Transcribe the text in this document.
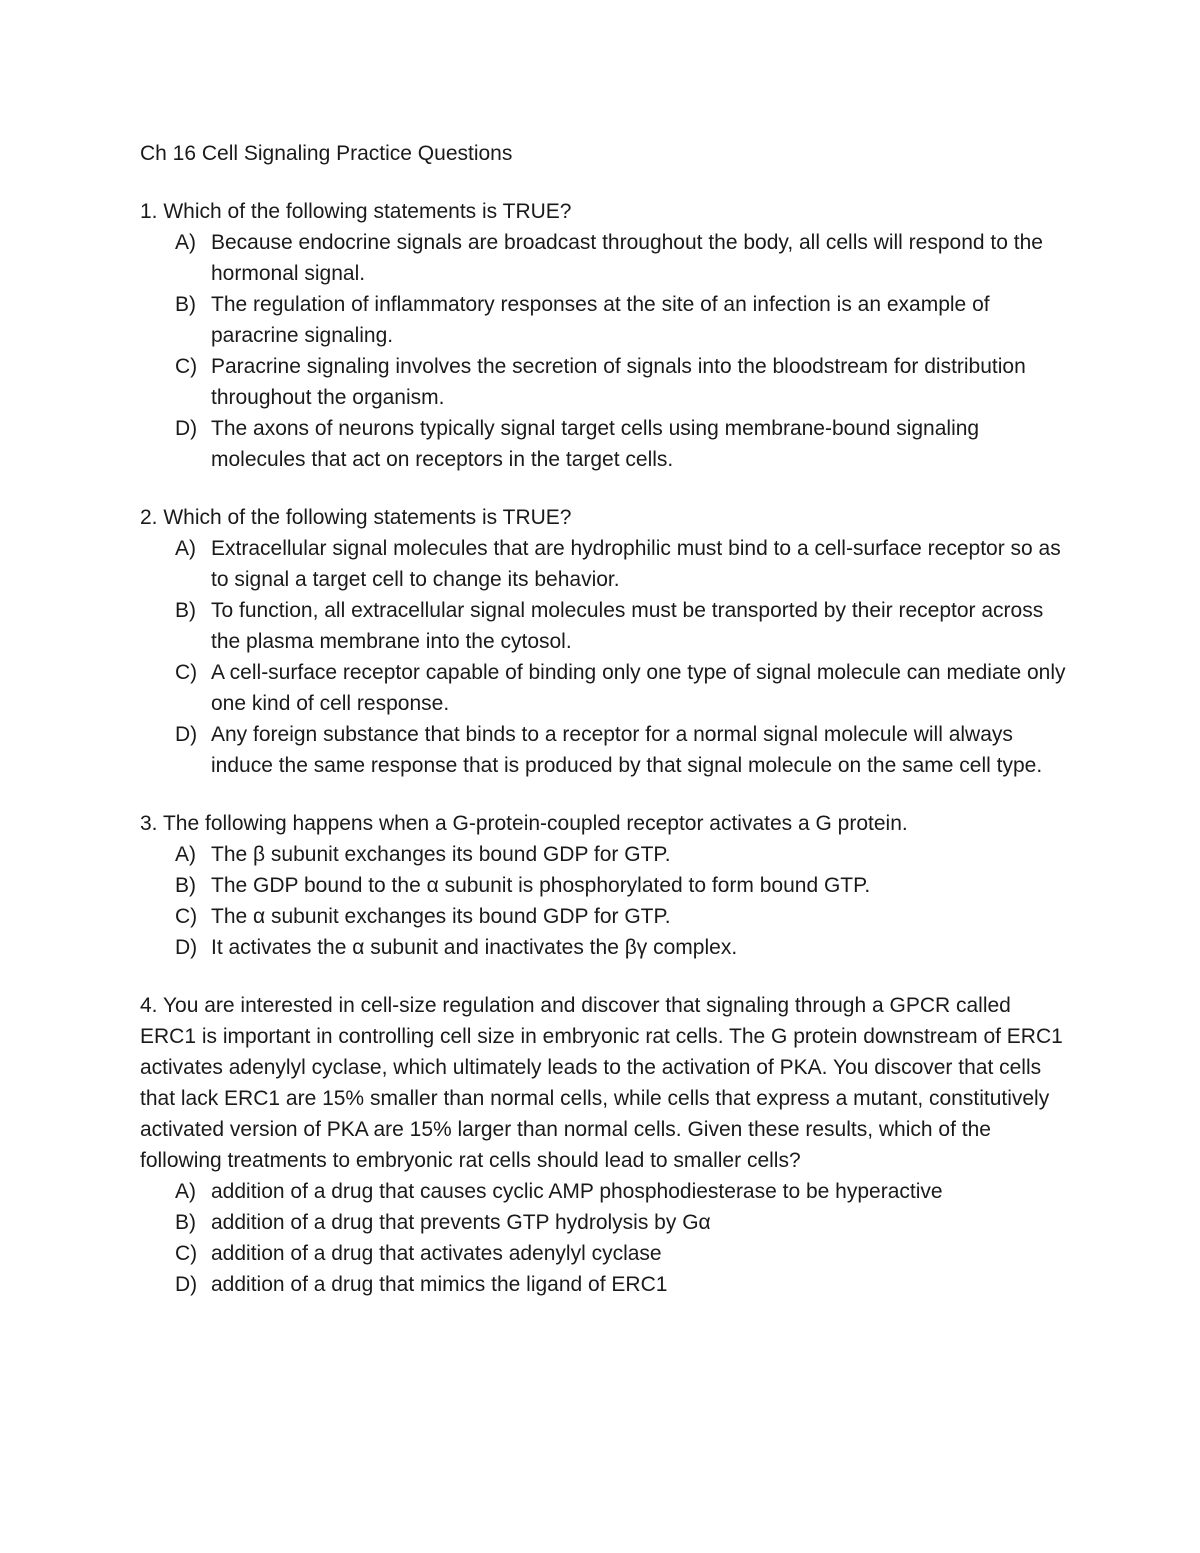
Ch 16 Cell Signaling Practice Questions

1. Which of the following statements is TRUE?

A) Because endocrine signals are broadcast throughout the body, all cells will respond to the hormonal signal.
B) The regulation of inflammatory responses at the site of an infection is an example of paracrine signaling.
C) Paracrine signaling involves the secretion of signals into the bloodstream for distribution throughout the organism.
D) The axons of neurons typically signal target cells using membrane-bound signaling molecules that act on receptors in the target cells.

2. Which of the following statements is TRUE?

A) Extracellular signal molecules that are hydrophilic must bind to a cell-surface receptor so as to signal a target cell to change its behavior.
B) To function, all extracellular signal molecules must be transported by their receptor across the plasma membrane into the cytosol.
C) A cell-surface receptor capable of binding only one type of signal molecule can mediate only one kind of cell response.
D) Any foreign substance that binds to a receptor for a normal signal molecule will always induce the same response that is produced by that signal molecule on the same cell type.

3. The following happens when a G-protein-coupled receptor activates a G protein.

A) The β subunit exchanges its bound GDP for GTP.
B) The GDP bound to the α subunit is phosphorylated to form bound GTP.
C) The α subunit exchanges its bound GDP for GTP.
D) It activates the α subunit and inactivates the βγ complex.

4. You are interested in cell-size regulation and discover that signaling through a GPCR called ERC1 is important in controlling cell size in embryonic rat cells. The G protein downstream of ERC1 activates adenylyl cyclase, which ultimately leads to the activation of PKA. You discover that cells that lack ERC1 are 15% smaller than normal cells, while cells that express a mutant, constitutively activated version of PKA are 15% larger than normal cells. Given these results, which of the following treatments to embryonic rat cells should lead to smaller cells?

A) addition of a drug that causes cyclic AMP phosphodiesterase to be hyperactive
B) addition of a drug that prevents GTP hydrolysis by Gα
C) addition of a drug that activates adenylyl cyclase
D) addition of a drug that mimics the ligand of ERC1
